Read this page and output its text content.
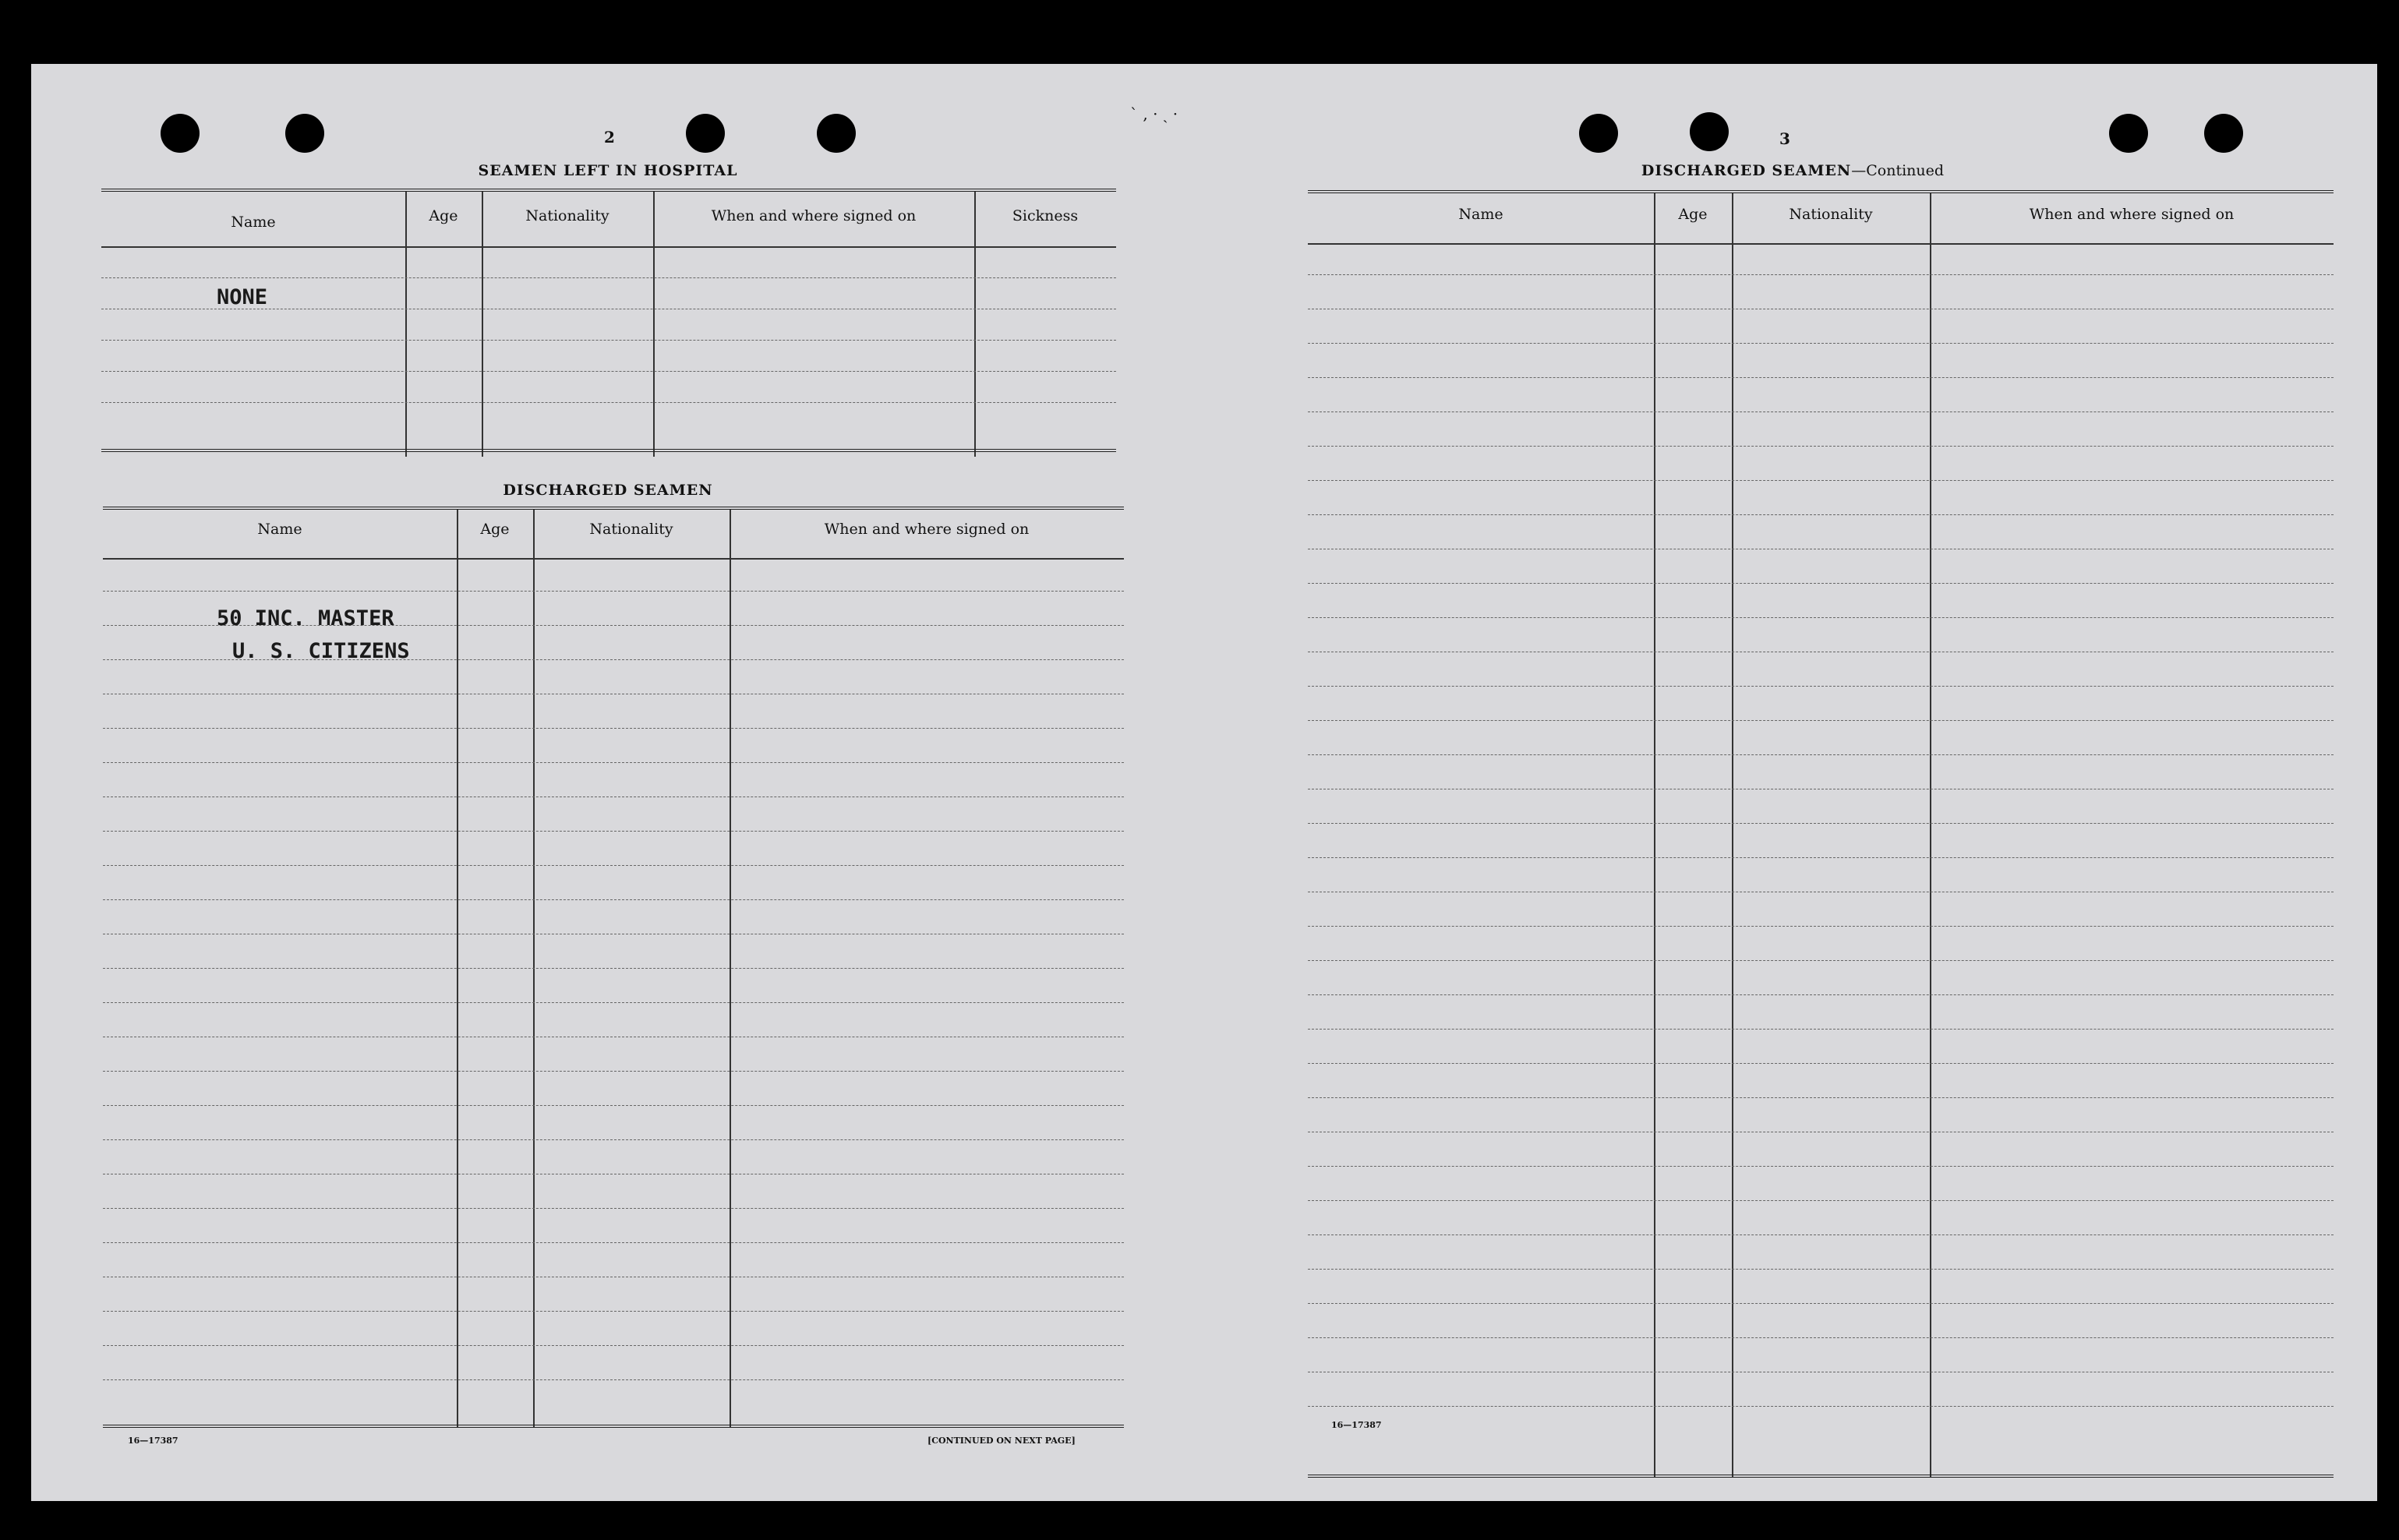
2
SEAMEN LEFT IN HOSPITAL
Name	Age	Nationality	When and where signed on	Sickness
NONE
DISCHARGED SEAMEN
Name	Age	Nationality	When and where signed on
50 INC. MASTER
U. S. CITIZENS
16—17387	[CONTINUED ON NEXT PAGE]
` , · ˏ ·
3
DISCHARGED SEAMEN—Continued
Name	Age	Nationality	When and where signed on
16—17387
